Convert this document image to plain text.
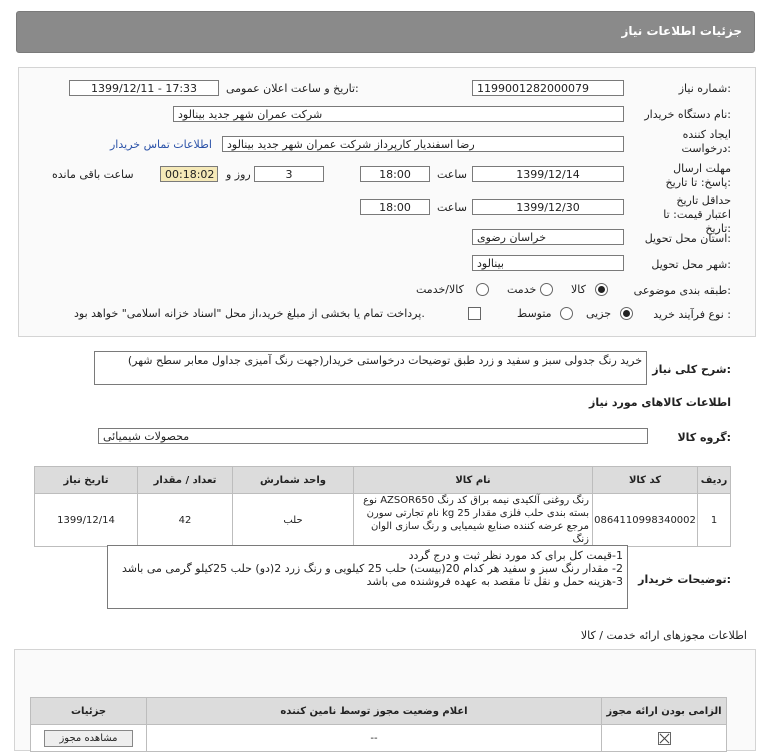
جزئیات اطلاعات نیاز
شماره نیاز:
1199001282000079
تاریخ و ساعت اعلان عمومی:
1399/12/11 - 17:33
نام دستگاه خریدار:
شرکت عمران شهر جدید بینالود
ایجاد کننده درخواست:
رضا اسفندیار کارپرداز شرکت عمران شهر جدید بینالود
اطلاعات تماس خریدار
مهلت ارسال پاسخ: تا تاریخ:
1399/12/14
ساعت
18:00
3
روز و
00:18:02
ساعت باقی مانده
حداقل تاریخ اعتبار قیمت: تا تاریخ:
1399/12/30
ساعت
18:00
استان محل تحویل:
خراسان رضوی
شهر محل تحویل:
بینالود
طبقه بندی موضوعی:
کالا
خدمت
کالا/خدمت
نوع فرآیند خرید :
جزیی
متوسط
پرداخت تمام یا بخشی از مبلغ خرید،از محل "اسناد خزانه اسلامی" خواهد بود.
شرح کلی نیاز:
خرید رنگ جدولی سبز و سفید و زرد طبق توضیحات درخواستی خریدار(جهت رنگ آمیزی جداول معابر سطح شهر)
اطلاعات کالاهای مورد نیاز
گروه کالا:
محصولات شیمیائی
ردیف	کد کالا	نام کالا	واحد شمارش	تعداد / مقدار	تاریخ نیاز
1	0864110998340002	رنگ روغنی آلکیدی نیمه براق کد رنگ AZSOR650 نوع بسته بندی حلب فلزی مقدار kg 25 نام تجارتی سورن مرجع عرضه کننده صنایع شیمیایی و رنگ سازی الوان زنگ	حلب	42	1399/12/14
توضیحات خریدار:
1-قیمت کل برای کد مورد نظر ثبت و درج گردد
2- مقدار رنگ سبز و سفید هر کدام 20(بیست) حلب 25 کیلویی و رنگ زرد 2(دو) حلب 25کیلو گرمی می باشد
3-هزینه حمل و نقل تا مقصد به عهده فروشنده می باشد
اطلاعات مجوزهای ارائه خدمت / کالا
الزامی بودن ارائه مجوز	اعلام وضعیت مجوز توسط نامین کننده	جزئیات
	--	مشاهده مجوز
